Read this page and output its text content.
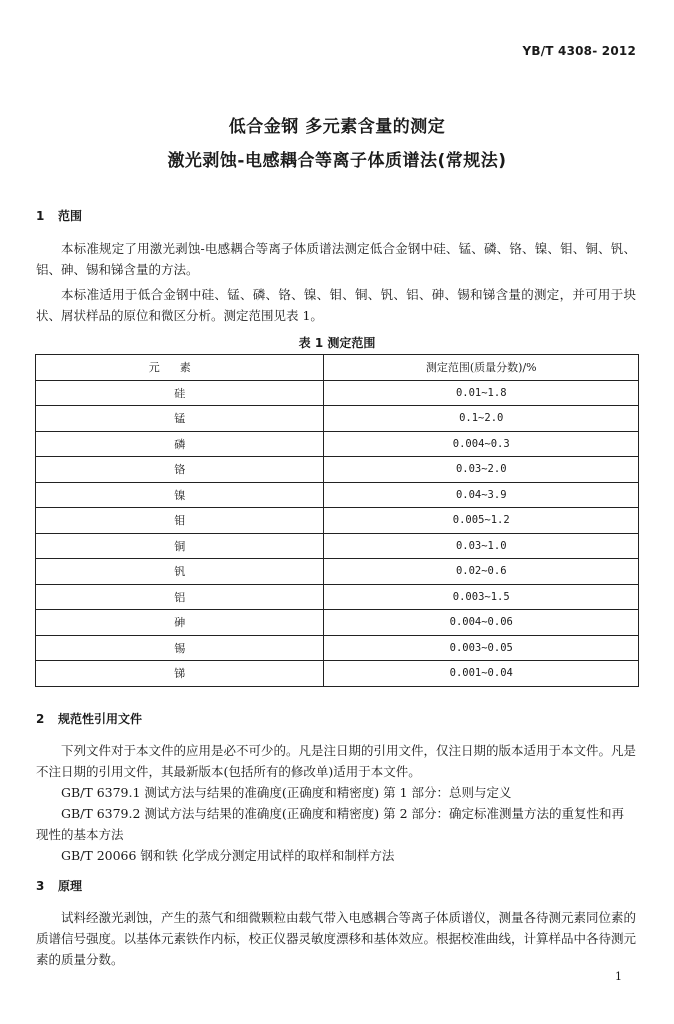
YB/T 4308- 2012
低合金钢 多元素含量的测定
激光剥蚀-电感耦合等离子体质谱法(常规法)
1 范围
本标准规定了用激光剥蚀-电感耦合等离子体质谱法测定低合金钢中硅、锰、磷、铬、镍、钼、铜、钒、铝、砷、锡和锑含量的方法。
本标准适用于低合金钢中硅、锰、磷、铬、镍、钼、铜、钒、铝、砷、锡和锑含量的测定，并可用于块状、屑状样品的原位和微区分析。测定范围见表 1。
表 1 测定范围
元素	测定范围(质量分数)/%
硅	0.01~1.8
锰	0.1~2.0
磷	0.004~0.3
铬	0.03~2.0
镍	0.04~3.9
钼	0.005~1.2
铜	0.03~1.0
钒	0.02~0.6
铝	0.003~1.5
砷	0.004~0.06
锡	0.003~0.05
锑	0.001~0.04
2 规范性引用文件
下列文件对于本文件的应用是必不可少的。凡是注日期的引用文件，仅注日期的版本适用于本文件。凡是不注日期的引用文件，其最新版本(包括所有的修改单)适用于本文件。
GB/T 6379.1 测试方法与结果的准确度(正确度和精密度) 第 1 部分：总则与定义
GB/T 6379.2 测试方法与结果的准确度(正确度和精密度) 第 2 部分：确定标准测量方法的重复性和再现性的基本方法
GB/T 20066 钢和铁 化学成分测定用试样的取样和制样方法
3 原理
试料经激光剥蚀，产生的蒸气和细微颗粒由载气带入电感耦合等离子体质谱仪，测量各待测元素同位素的质谱信号强度。以基体元素铁作内标，校正仪器灵敏度漂移和基体效应。根据校准曲线，计算样品中各待测元素的质量分数。
1
